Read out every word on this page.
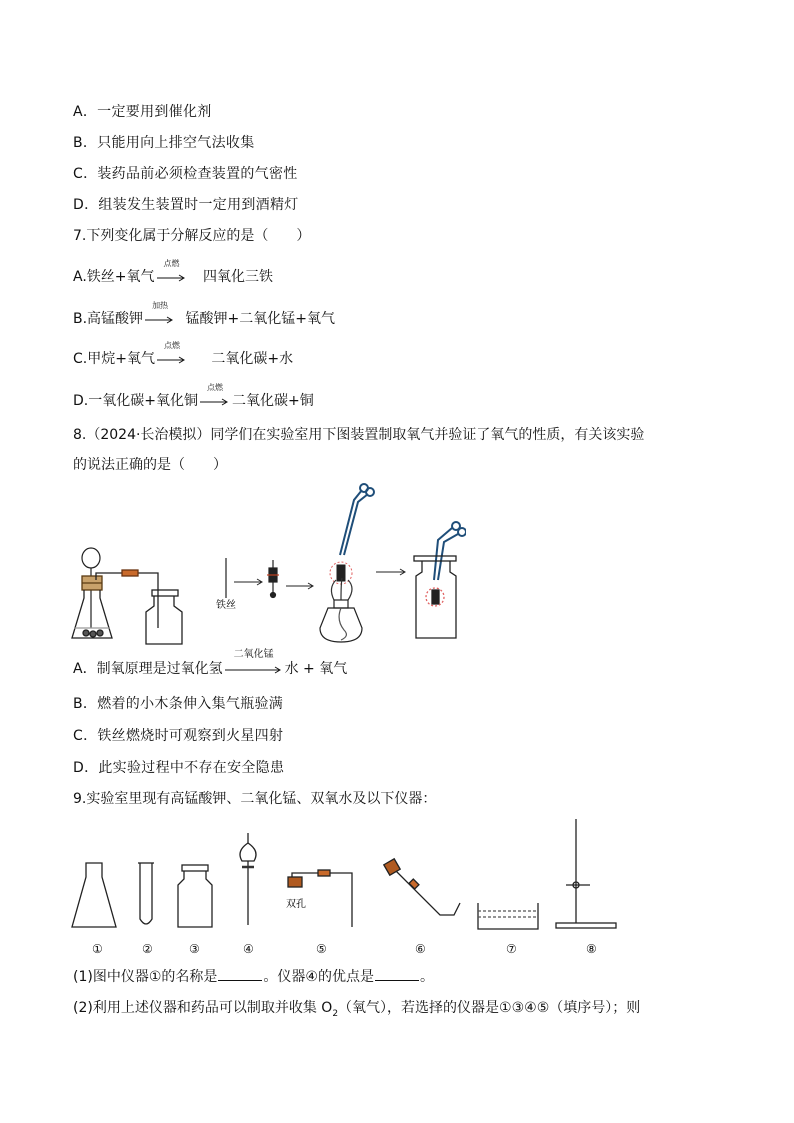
A．一定要用到催化剂
B．只能用向上排空气法收集
C．装药品前必须检查装置的气密性
D．组装发生装置时一定用到酒精灯
7.下列变化属于分解反应的是（　　）
A.铁丝+氧气
点燃
四氧化三铁
B.高锰酸钾
加热
锰酸钾+二氧化锰+氧气
C.甲烷+氧气
点燃
二氧化碳+水
D.一氧化碳+氧化铜
点燃
二氧化碳+铜
8.（2024·长治模拟）同学们在实验室用下图装置制取氧气并验证了氧气的性质，有关该实验
的说法正确的是（　　）
铁丝
A．制氧原理是过氧化氢
二氧化锰
水 + 氧气
B．燃着的小木条伸入集气瓶验满
C．铁丝燃烧时可观察到火星四射
D．此实验过程中不存在安全隐患
9.实验室里现有高锰酸钾、二氧化锰、双氧水及以下仪器：
双孔
①	②	③	④	⑤	⑥	⑦	⑧
(1)图中仪器①的名称是	。仪器④的优点是	。
(2)利用上述仪器和药品可以制取并收集 $O_2$（氧气），若选择的仪器是①③④⑤（填序号）；则
